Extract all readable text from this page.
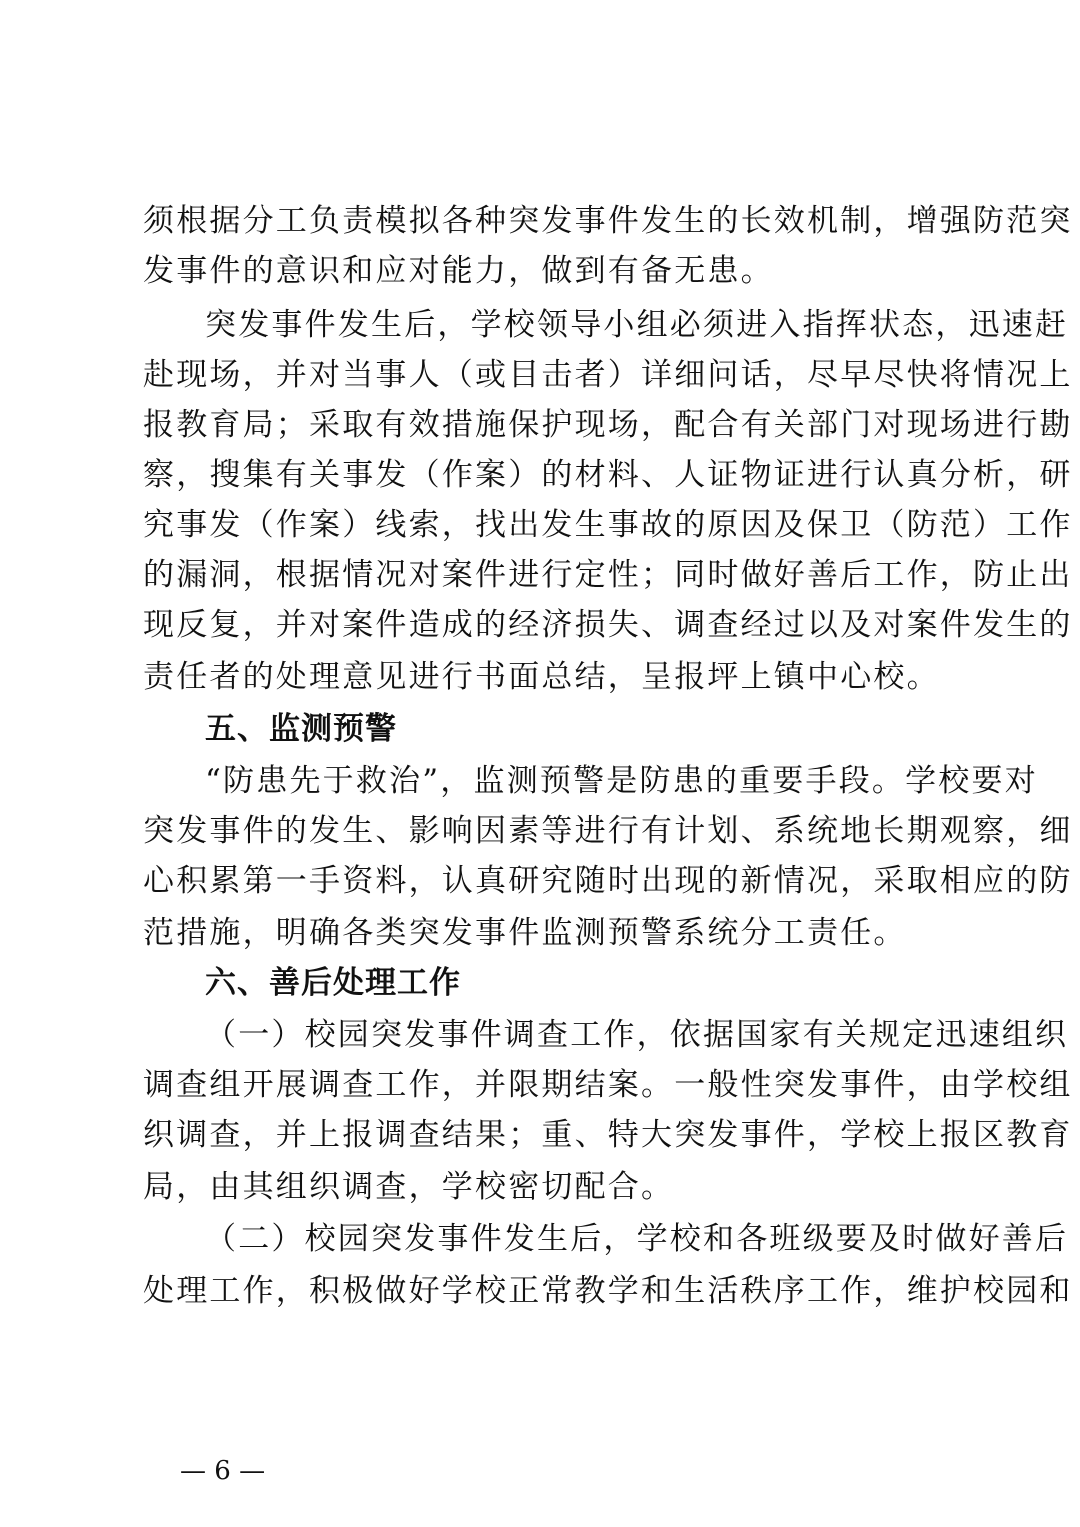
须根据分工负责模拟各种突发事件发生的长效机制，增强防范突
发事件的意识和应对能力，做到有备无患。
突发事件发生后，学校领导小组必须进入指挥状态，迅速赶
赴现场，并对当事人（或目击者）详细问话，尽早尽快将情况上
报教育局；采取有效措施保护现场，配合有关部门对现场进行勘
察，搜集有关事发（作案）的材料、人证物证进行认真分析，研
究事发（作案）线索，找出发生事故的原因及保卫（防范）工作
的漏洞，根据情况对案件进行定性；同时做好善后工作，防止出
现反复，并对案件造成的经济损失、调查经过以及对案件发生的
责任者的处理意见进行书面总结，呈报坪上镇中心校。
五、监测预警
“防患先于救治”，监测预警是防患的重要手段。学校要对
突发事件的发生、影响因素等进行有计划、系统地长期观察，细
心积累第一手资料，认真研究随时出现的新情况，采取相应的防
范措施，明确各类突发事件监测预警系统分工责任。
六、善后处理工作
（一）校园突发事件调查工作，依据国家有关规定迅速组织
调查组开展调查工作，并限期结案。一般性突发事件，由学校组
织调查，并上报调查结果；重、特大突发事件，学校上报区教育
局，由其组织调查，学校密切配合。
（二）校园突发事件发生后，学校和各班级要及时做好善后
处理工作，积极做好学校正常教学和生活秩序工作，维护校园和
— 6 —
